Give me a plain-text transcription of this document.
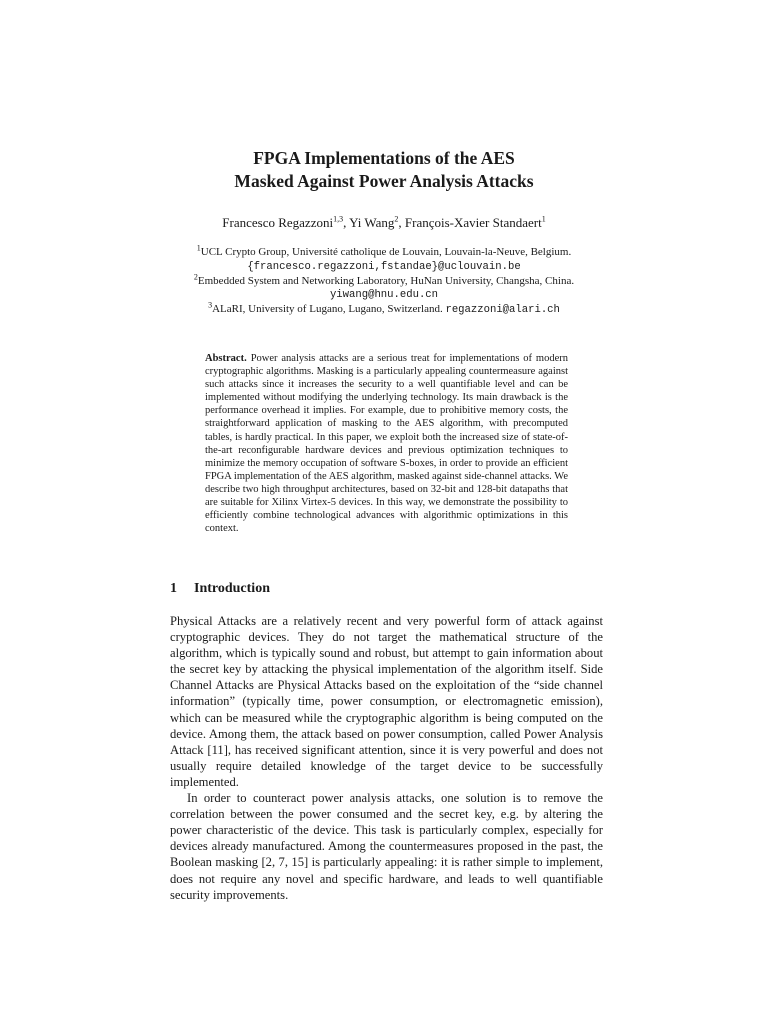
FPGA Implementations of the AES
Masked Against Power Analysis Attacks
Francesco Regazzoni$^{1,3}$, Yi Wang$^2$, François-Xavier Standaert$^1$
$^1$UCL Crypto Group, Université catholique de Louvain, Louvain-la-Neuve, Belgium.
{francesco.regazzoni,fstandae}@uclouvain.be
$^2$Embedded System and Networking Laboratory, HuNan University, Changsha, China.
yiwang@hnu.edu.cn
$^3$ALaRI, University of Lugano, Lugano, Switzerland. regazzoni@alari.ch
Abstract. Power analysis attacks are a serious treat for implementations of modern cryptographic algorithms. Masking is a particularly appealing countermeasure against such attacks since it increases the security to a well quantifiable level and can be implemented without modifying the underlying technology. Its main drawback is the performance overhead it implies. For example, due to prohibitive memory costs, the straightforward application of masking to the AES algorithm, with precomputed tables, is hardly practical. In this paper, we exploit both the increased size of state-of-the-art reconfigurable hardware devices and previous optimization techniques to minimize the memory occupation of software S-boxes, in order to provide an efficient FPGA implementation of the AES algorithm, masked against side-channel attacks. We describe two high throughput architectures, based on 32-bit and 128-bit datapaths that are suitable for Xilinx Virtex-5 devices. In this way, we demonstrate the possibility to efficiently combine technological advances with algorithmic optimizations in this context.
1 Introduction

Physical Attacks are a relatively recent and very powerful form of attack against cryptographic devices. They do not target the mathematical structure of the algorithm, which is typically sound and robust, but attempt to gain information about the secret key by attacking the physical implementation of the algorithm itself. Side Channel Attacks are Physical Attacks based on the exploitation of the “side channel information” (typically time, power consumption, or electromagnetic emission), which can be measured while the cryptographic algorithm is being computed on the device. Among them, the attack based on power consumption, called Power Analysis Attack [11], has received significant attention, since it is very powerful and does not usually require detailed knowledge of the target device to be successfully implemented.

In order to counteract power analysis attacks, one solution is to remove the correlation between the power consumed and the secret key, e.g. by altering the power characteristic of the device. This task is particularly complex, especially for devices already manufactured. Among the countermeasures proposed in the past, the Boolean masking [2, 7, 15] is particularly appealing: it is rather simple to implement, does not require any novel and specific hardware, and leads to well quantifiable security improvements.
